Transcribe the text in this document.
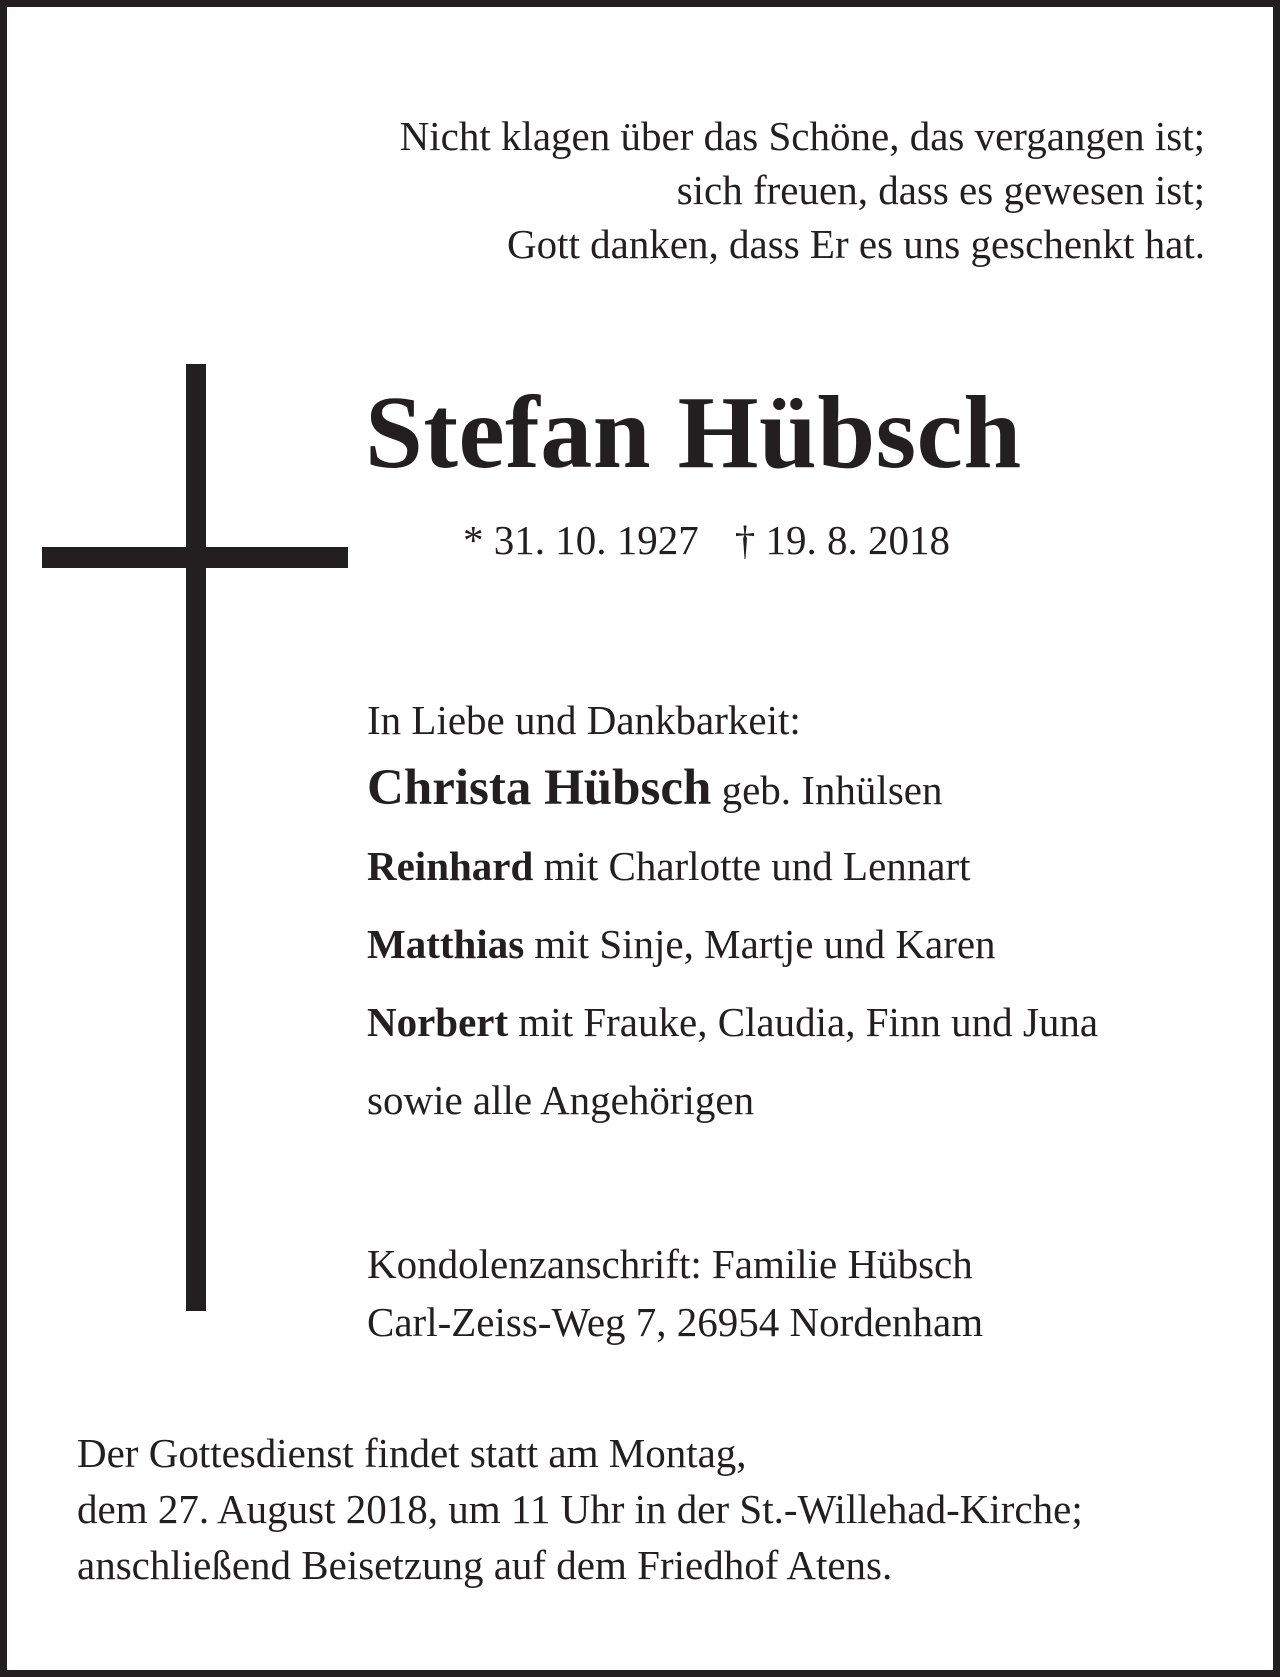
Nicht klagen über das Schöne, das vergangen ist;
sich freuen, dass es gewesen ist;
Gott danken, dass Er es uns geschenkt hat.
Stefan Hübsch
* 31. 10. 1927 † 19. 8. 2018
In Liebe und Dankbarkeit:
Christa Hübsch geb. Inhülsen
Reinhard mit Charlotte und Lennart
Matthias mit Sinje, Martje und Karen
Norbert mit Frauke, Claudia, Finn und Juna
sowie alle Angehörigen
Kondolenzanschrift: Familie Hübsch
Carl-Zeiss-Weg 7, 26954 Nordenham
Der Gottesdienst findet statt am Montag,
dem 27. August 2018, um 11 Uhr in der St.-Willehad-Kirche;
anschließend Beisetzung auf dem Friedhof Atens.
